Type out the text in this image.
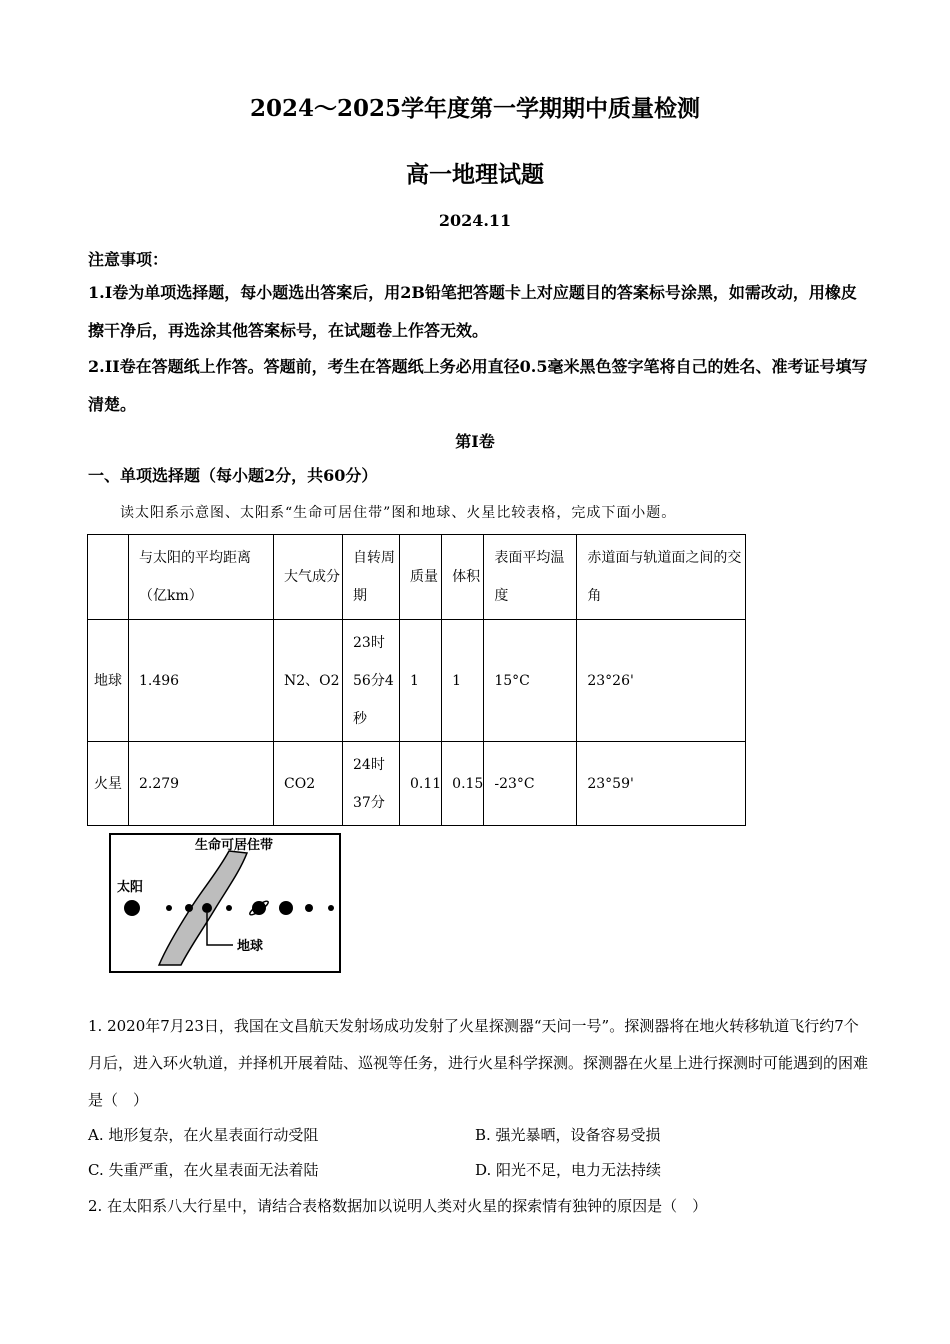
2024～2025学年度第一学期期中质量检测
高一地理试题
2024.11
注意事项：
1.I卷为单项选择题，每小题选出答案后，用2B铅笔把答题卡上对应题目的答案标号涂黑，如需改动，用橡皮擦干净后，再选涂其他答案标号，在试题卷上作答无效。
2.II卷在答题纸上作答。答题前，考生在答题纸上务必用直径0.5毫米黑色签字笔将自己的姓名、准考证号填写清楚。
第I卷
一、单项选择题（每小题2分，共60分）
读太阳系示意图、太阳系“生命可居住带”图和地球、火星比较表格，完成下面小题。
	与太阳的平均距离（亿km）	大气成分	自转周期	质量	体积	表面平均温度	赤道面与轨道面之间的交角
地球	1.496	N2、O2	23时56分4秒	1	1	15°C	23°26'
火星	2.279	CO2	24时37分	0.11	0.15	-23°C	23°59'
生命可居住带
太阳
地球
1. 2020年7月23日，我国在文昌航天发射场成功发射了火星探测器“天问一号”。探测器将在地火转移轨道飞行约7个月后，进入环火轨道，并择机开展着陆、巡视等任务，进行火星科学探测。探测器在火星上进行探测时可能遇到的困难是（　）
A. 地形复杂，在火星表面行动受阻	B. 强光暴晒，设备容易受损
C. 失重严重，在火星表面无法着陆	D. 阳光不足，电力无法持续
2. 在太阳系八大行星中，请结合表格数据加以说明人类对火星的探索情有独钟的原因是（　）
